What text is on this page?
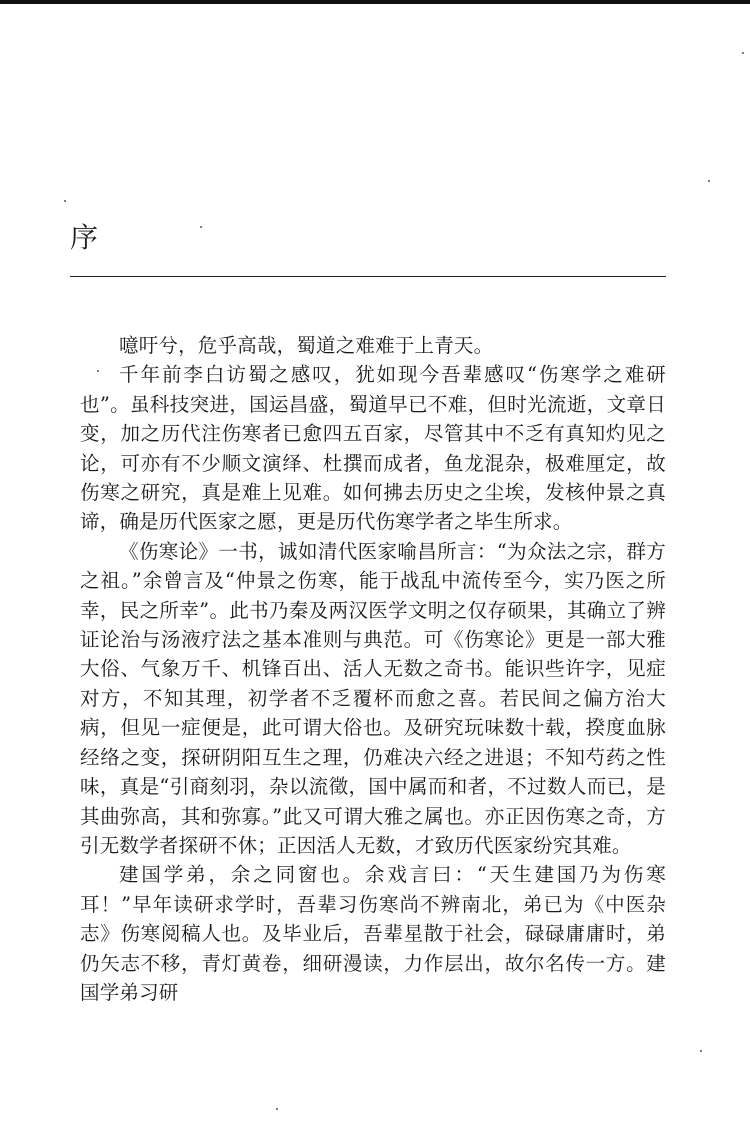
序

噫吁兮，危乎高哉，蜀道之难难于上青天。

千年前李白访蜀之感叹，犹如现今吾辈感叹“伤寒学之难研也”。虽科技突进，国运昌盛，蜀道早已不难，但时光流逝，文章日变，加之历代注伤寒者已愈四五百家，尽管其中不乏有真知灼见之论，可亦有不少顺文演绎、杜撰而成者，鱼龙混杂，极难厘定，故伤寒之研究，真是难上见难。如何拂去历史之尘埃，发核仲景之真谛，确是历代医家之愿，更是历代伤寒学者之毕生所求。

《伤寒论》一书，诚如清代医家喻昌所言：“为众法之宗，群方之祖。”余曾言及“仲景之伤寒，能于战乱中流传至今，实乃医之所幸，民之所幸”。此书乃秦及两汉医学文明之仅存硕果，其确立了辨证论治与汤液疗法之基本准则与典范。可《伤寒论》更是一部大雅大俗、气象万千、机锋百出、活人无数之奇书。能识些许字，见症对方，不知其理，初学者不乏覆杯而愈之喜。若民间之偏方治大病，但见一症便是，此可谓大俗也。及研究玩味数十载，揆度血脉经络之变，探研阴阳互生之理，仍难决六经之进退；不知芍药之性味，真是“引商刻羽，杂以流徵，国中属而和者，不过数人而已，是其曲弥高，其和弥寡。”此又可谓大雅之属也。亦正因伤寒之奇，方引无数学者探研不休；正因活人无数，才致历代医家纷究其难。

建国学弟，余之同窗也。余戏言曰：“天生建国乃为伤寒耳！”早年读研求学时，吾辈习伤寒尚不辨南北，弟已为《中医杂志》伤寒阅稿人也。及毕业后，吾辈星散于社会，碌碌庸庸时，弟仍矢志不移，青灯黄卷，细研漫读，力作层出，故尔名传一方。建国学弟习研
